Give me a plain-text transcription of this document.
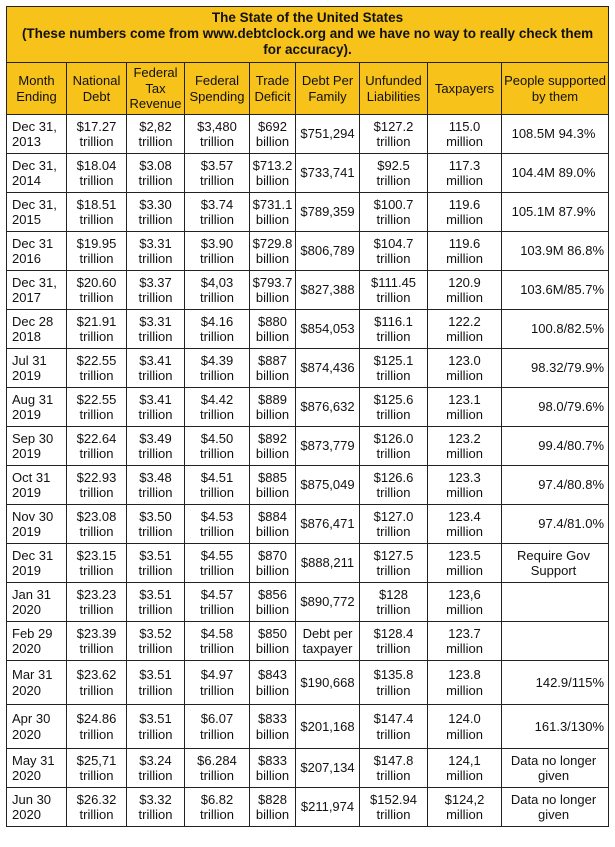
The State of the United States
(These numbers come from www.debtclock.org and we have no way to really check them for accuracy).								

Month Ending	National Debt	Federal Tax Revenue	Federal Spending	Trade Deficit	Debt Per Family	Unfunded Liabilities	Taxpayers	People supported by them
Dec 31, 2013	$17.27 trillion	$2,82 trillion	$3,480 trillion	$692 billion	$751,294	$127.2 trillion	115.0 million	108.5M 94.3%
Dec 31, 2014	$18.04 trillion	$3.08 trillion	$3.57 trillion	$713.2 billion	$733,741	$92.5 trillion	117.3 million	104.4M 89.0%
Dec 31, 2015	$18.51 trillion	$3.30 trillion	$3.74 trillion	$731.1 billion	$789,359	$100.7 trillion	119.6 million	105.1M 87.9%
Dec 31 2016	$19.95 trillion	$3.31 trillion	$3.90 trillion	$729.8 billion	$806,789	$104.7 trillion	119.6 million	103.9M 86.8%
Dec 31, 2017	$20.60 trillion	$3.37 trillion	$4,03 trillion	$793.7 billion	$827,388	$111.45 trillion	120.9 million	103.6M/85.7%
Dec 28 2018	$21.91 trillion	$3.31 trillion	$4.16 trillion	$880 billion	$854,053	$116.1 trillion	122.2 million	100.8/82.5%
Jul 31 2019	$22.55 trillion	$3.41 trillion	$4.39 trillion	$887 billion	$874,436	$125.1 trillion	123.0 million	98.32/79.9%
Aug 31 2019	$22.55 trillion	$3.41 trillion	$4.42 trillion	$889 billion	$876,632	$125.6 trillion	123.1 million	98.0/79.6%
Sep 30 2019	$22.64 trillion	$3.49 trillion	$4.50 trillion	$892 billion	$873,779	$126.0 trillion	123.2 million	99.4/80.7%
Oct 31 2019	$22.93 trillion	$3.48 trillion	$4.51 trillion	$885 billion	$875,049	$126.6 trillion	123.3 million	97.4/80.8%
Nov 30 2019	$23.08 trillion	$3.50 trillion	$4.53 trillion	$884 billion	$876,471	$127.0 trillion	123.4 million	97.4/81.0%
Dec 31 2019	$23.15 trillion	$3.51 trillion	$4.55 trillion	$870 billion	$888,211	$127.5 trillion	123.5 million	Require Gov Support
Jan 31 2020	$23.23 trillion	$3.51 trillion	$4.57 trillion	$856 billion	$890,772	$128 trillion	123,6 million	
Feb 29 2020	$23.39 trillion	$3.52 trillion	$4.58 trillion	$850 billion	Debt per taxpayer	$128.4 trillion	123.7 million	
Mar 31 2020	$23.62 trillion	$3.51 trillion	$4.97 trillion	$843 billion	$190,668	$135.8 trillion	123.8 million	142.9/115%
Apr 30 2020	$24.86 trillion	$3.51 trillion	$6.07 trillion	$833 billion	$201,168	$147.4 trillion	124.0 million	161.3/130%
May 31 2020	$25,71 trillion	$3.24 trillion	$6.284 trillion	$833 billion	$207,134	$147.8 trillion	124,1 million	Data no longer given
Jun 30 2020	$26.32 trillion	$3.32 trillion	$6.82 trillion	$828 billion	$211,974	$152.94 trillion	$124,2 million	Data no longer given
